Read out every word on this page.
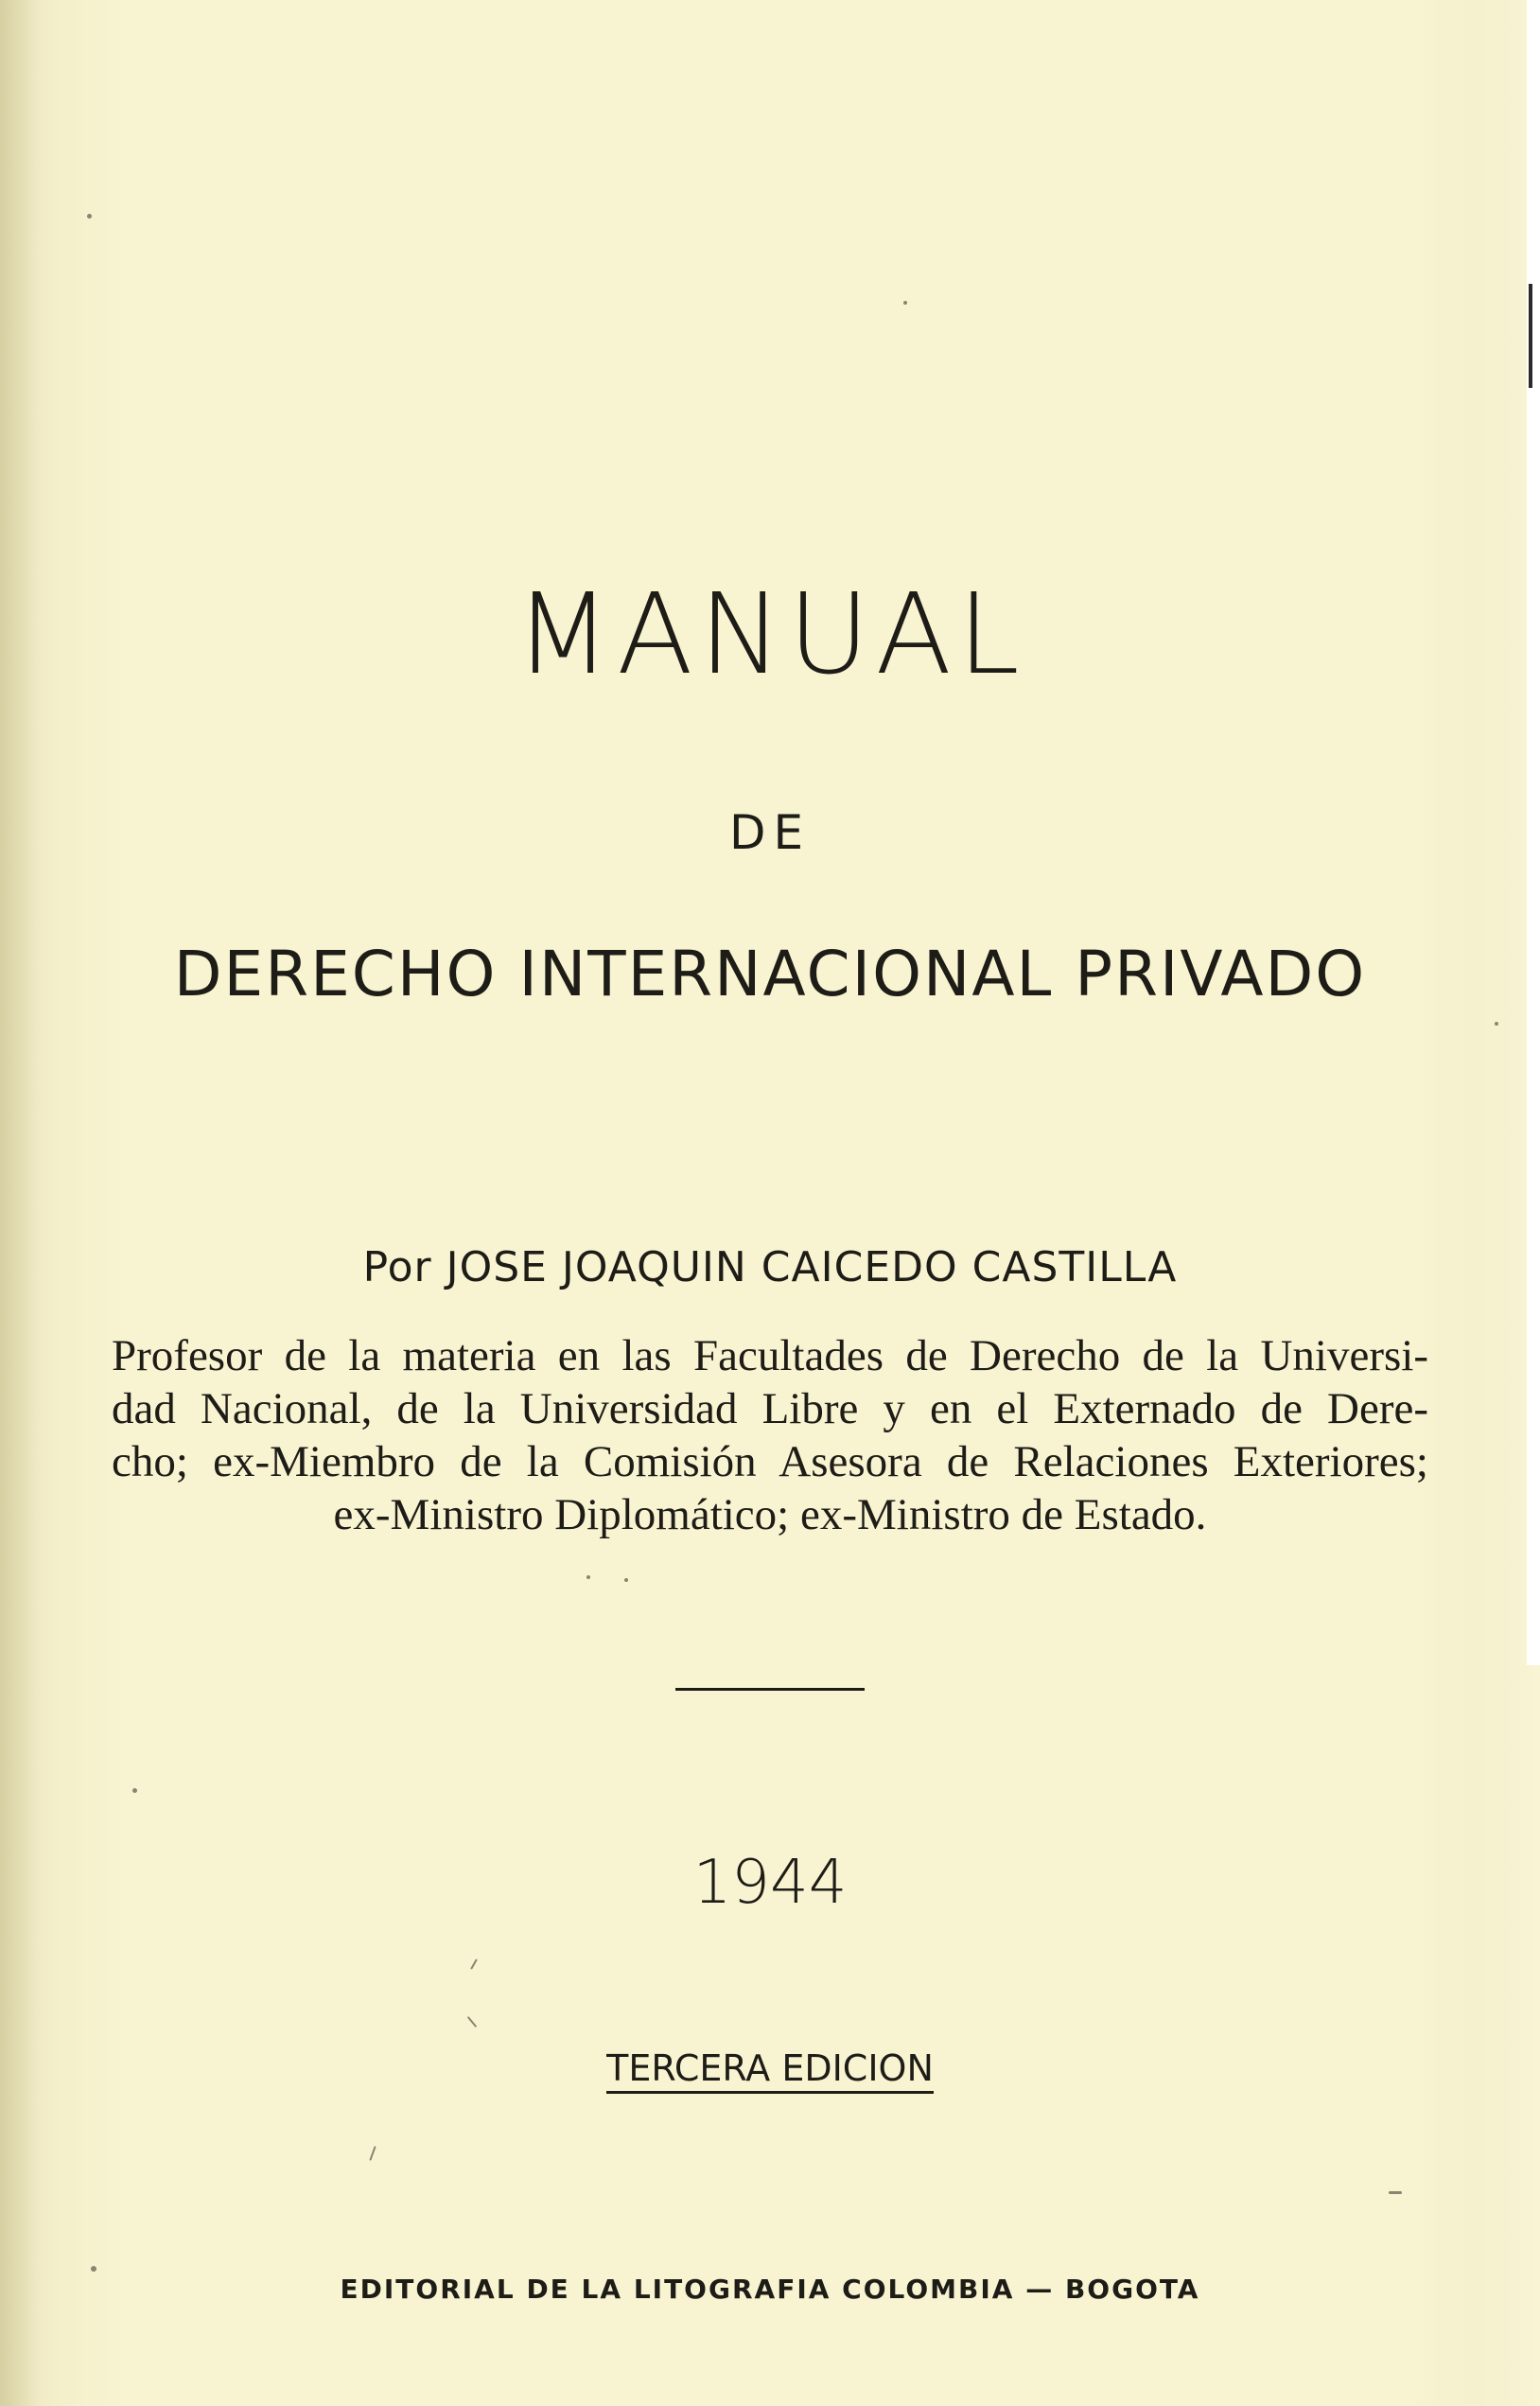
MANUAL
DE
DERECHO INTERNACIONAL PRIVADO
Por JOSE JOAQUIN CAICEDO CASTILLA
Profesor de la materia en las Facultades de Derecho de la Universi-
dad Nacional, de la Universidad Libre y en el Externado de Dere-
cho; ex-Miembro de la Comisión Asesora de Relaciones Exteriores;
ex-Ministro Diplomático; ex-Ministro de Estado.
1944
TERCERA EDICION
EDITORIAL DE LA LITOGRAFIA COLOMBIA — BOGOTA
